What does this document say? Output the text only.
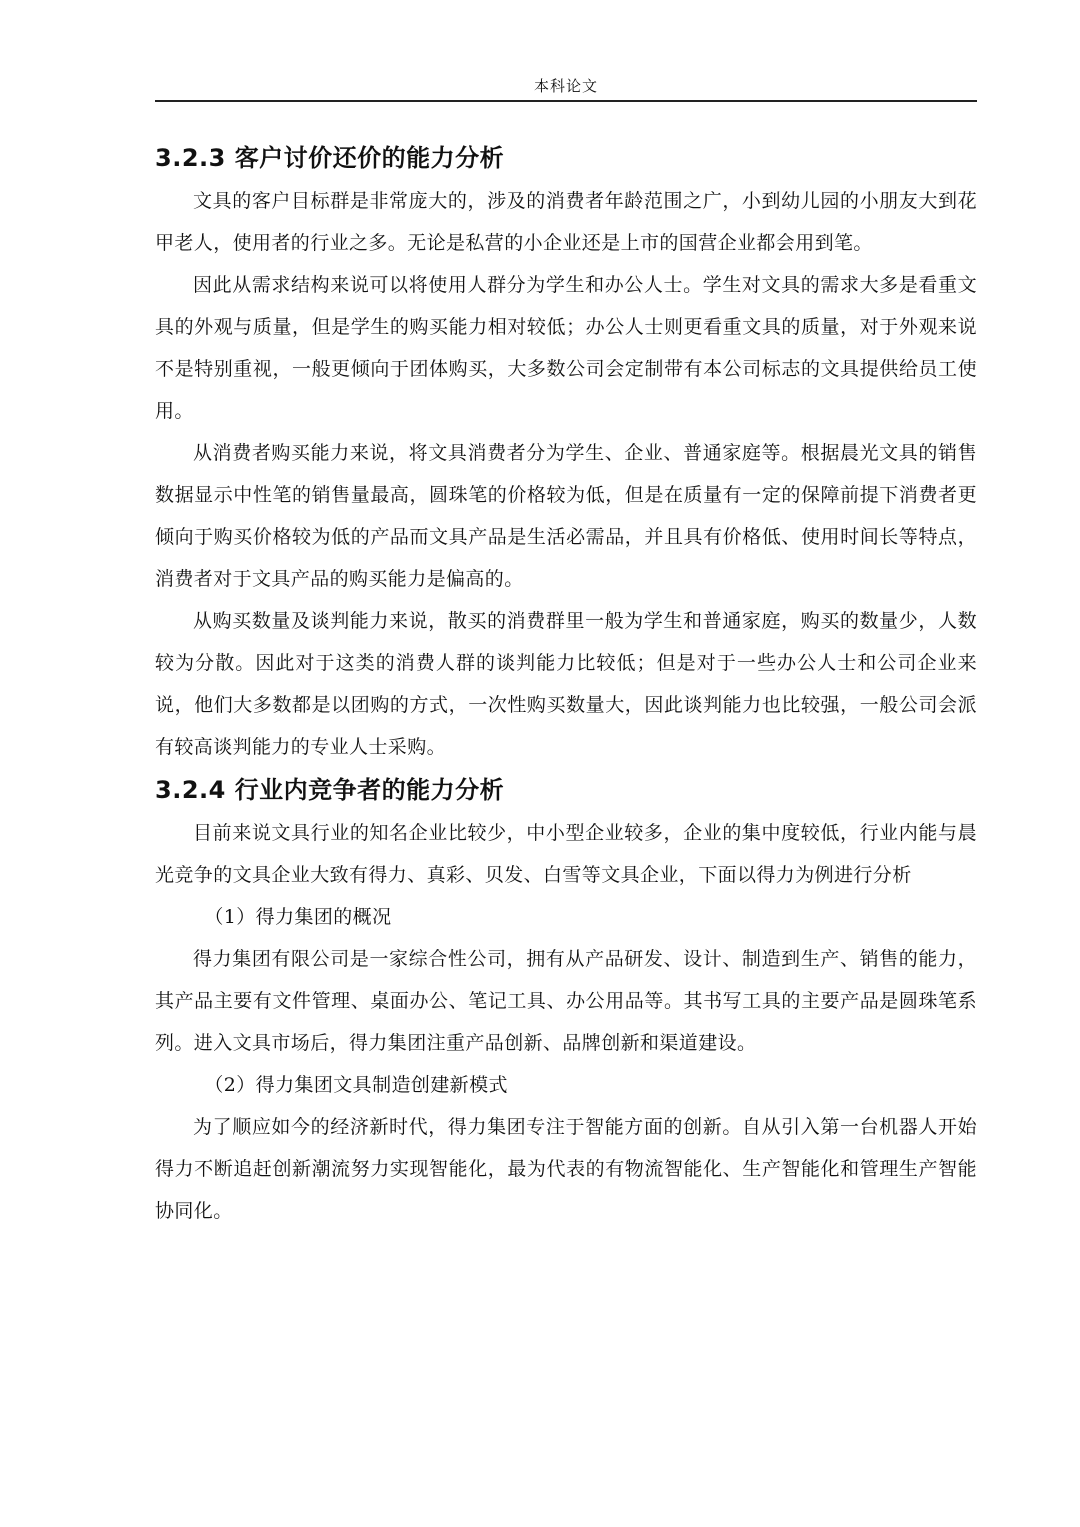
本科论文
3.2.3 客户讨价还价的能力分析

文具的客户目标群是非常庞大的，涉及的消费者年龄范围之广，小到幼儿园的小朋友大到花甲老人，使用者的行业之多。无论是私营的小企业还是上市的国营企业都会用到笔。

因此从需求结构来说可以将使用人群分为学生和办公人士。学生对文具的需求大多是看重文具的外观与质量，但是学生的购买能力相对较低；办公人士则更看重文具的质量，对于外观来说不是特别重视，一般更倾向于团体购买，大多数公司会定制带有本公司标志的文具提供给员工使用。

从消费者购买能力来说，将文具消费者分为学生、企业、普通家庭等。根据晨光文具的销售数据显示中性笔的销售量最高，圆珠笔的价格较为低，但是在质量有一定的保障前提下消费者更倾向于购买价格较为低的产品而文具产品是生活必需品，并且具有价格低、使用时间长等特点，消费者对于文具产品的购买能力是偏高的。

从购买数量及谈判能力来说，散买的消费群里一般为学生和普通家庭，购买的数量少，人数较为分散。因此对于这类的消费人群的谈判能力比较低；但是对于一些办公人士和公司企业来说，他们大多数都是以团购的方式，一次性购买数量大，因此谈判能力也比较强，一般公司会派有较高谈判能力的专业人士采购。

3.2.4 行业内竞争者的能力分析

目前来说文具行业的知名企业比较少，中小型企业较多，企业的集中度较低，行业内能与晨光竞争的文具企业大致有得力、真彩、贝发、白雪等文具企业，下面以得力为例进行分析

（1）得力集团的概况

得力集团有限公司是一家综合性公司，拥有从产品研发、设计、制造到生产、销售的能力，其产品主要有文件管理、桌面办公、笔记工具、办公用品等。其书写工具的主要产品是圆珠笔系列。进入文具市场后，得力集团注重产品创新、品牌创新和渠道建设。

（2）得力集团文具制造创建新模式

为了顺应如今的经济新时代，得力集团专注于智能方面的创新。自从引入第一台机器人开始得力不断追赶创新潮流努力实现智能化，最为代表的有物流智能化、生产智能化和管理生产智能协同化。
